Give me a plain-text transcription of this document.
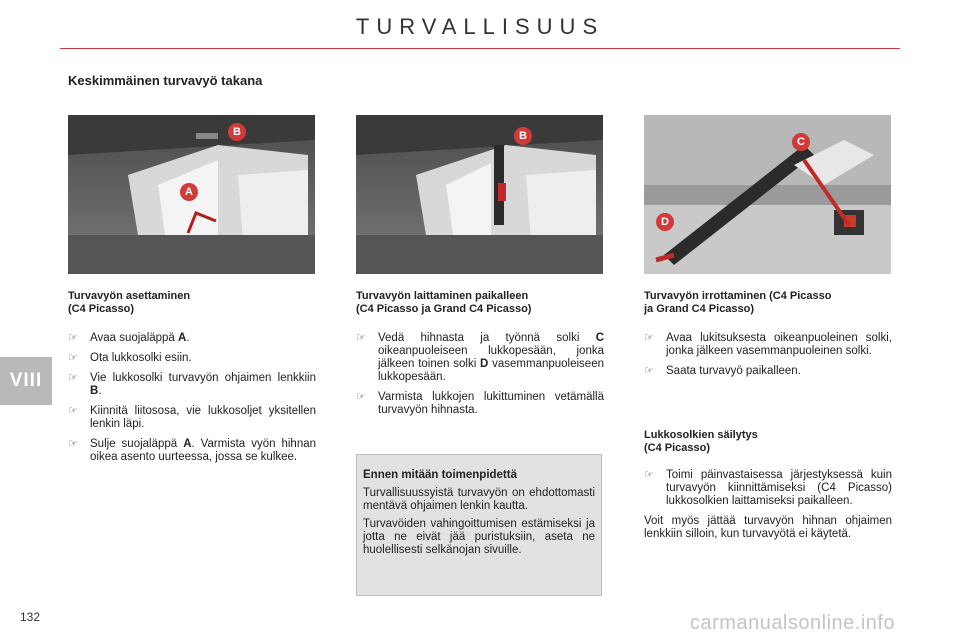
TURVALLISUUS
VIII
132	carmanualsonline.info
Keskimmäinen turvavyö takana
A
B	B	C
D
Turvavyön asettaminen
(C4 Picasso)
☞ Avaa suojaläppä A.
☞ Ota lukkosolki esiin.
☞ Vie lukkosolki turvavyön ohjaimen lenkkiin B.
☞ Kiinnitä liitososa, vie lukkosoljet yksitellen lenkin läpi.
☞ Sulje suojaläppä A. Varmista vyön hihnan oikea asento uurteessa, jossa se kulkee.
Turvavyön laittaminen paikalleen
(C4 Picasso ja Grand C4 Picasso)
☞ Vedä hihnasta ja työnnä solki C oikeanpuoleiseen lukkopesään, jonka jälkeen toinen solki D vasemmanpuoleiseen lukkopesään.
☞ Varmista lukkojen lukittuminen vetämällä turvavyön hihnasta.
Ennen mitään toimenpidettä

Turvallisuussyistä turvavyön on ehdottomasti mentävä ohjaimen lenkin kautta.

Turvavöiden vahingoittumisen estämiseksi ja jotta ne eivät jää puristuksiin, aseta ne huolellisesti selkänojan sivuille.

Turvavyön irrottaminen (C4 Picasso
ja Grand C4 Picasso)
☞ Avaa lukitsuksesta oikeanpuoleinen solki, jonka jälkeen vasemmanpuoleinen solki.
☞ Saata turvavyö paikalleen.
Lukkosolkien säilytys
(C4 Picasso)
☞ Toimi päinvastaisessa järjestyksessä kuin turvavyön kiinnittämiseksi (C4 Picasso) lukkosolkien laittamiseksi paikalleen.
Voit myös jättää turvavyön hihnan ohjaimen lenkkiin silloin, kun turvavyötä ei käytetä.
